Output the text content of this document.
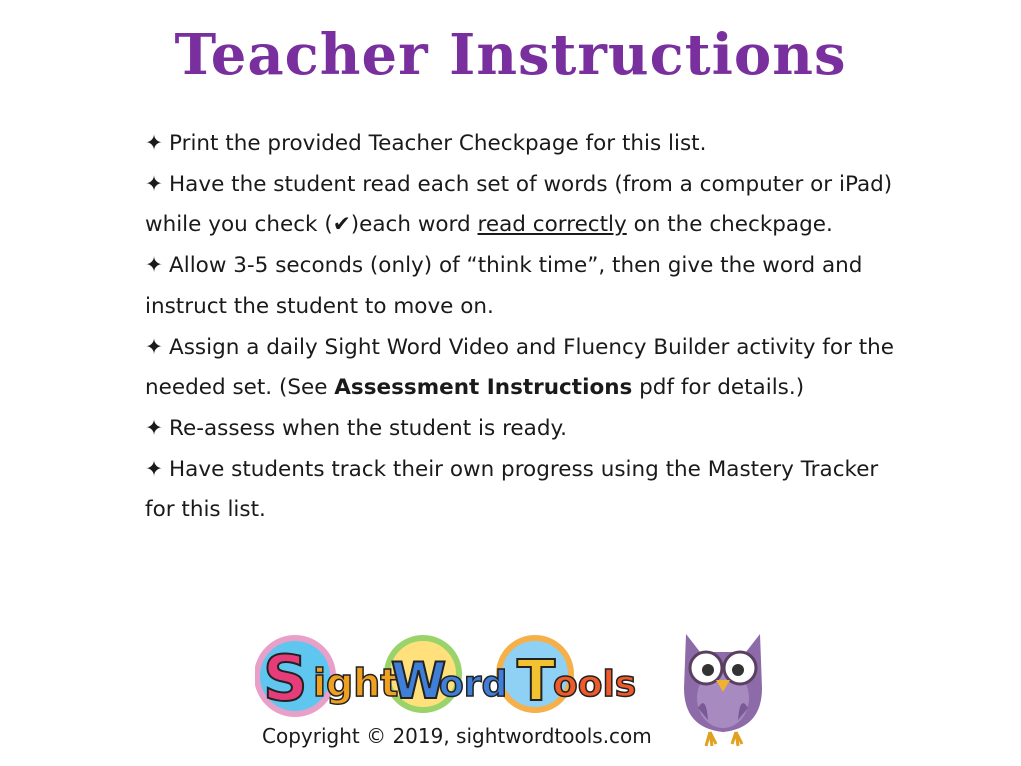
Teacher Instructions

✦ Print the provided Teacher Checkpage for this list.

✦ Have the student read each set of words (from a computer or iPad) while you check (✔)each word read correctly on the checkpage.

✦ Allow 3-5 seconds (only) of “think time”, then give the word and instruct the student to move on.

✦ Assign a daily Sight Word Video and Fluency Builder activity for the needed set. (See Assessment Instructions pdf for details.)

✦ Re-assess when the student is ready.

✦ Have students track their own progress using the Mastery Tracker for this list.

S ight
W
ord T
ools
Copyright © 2019, sightwordtools.com
